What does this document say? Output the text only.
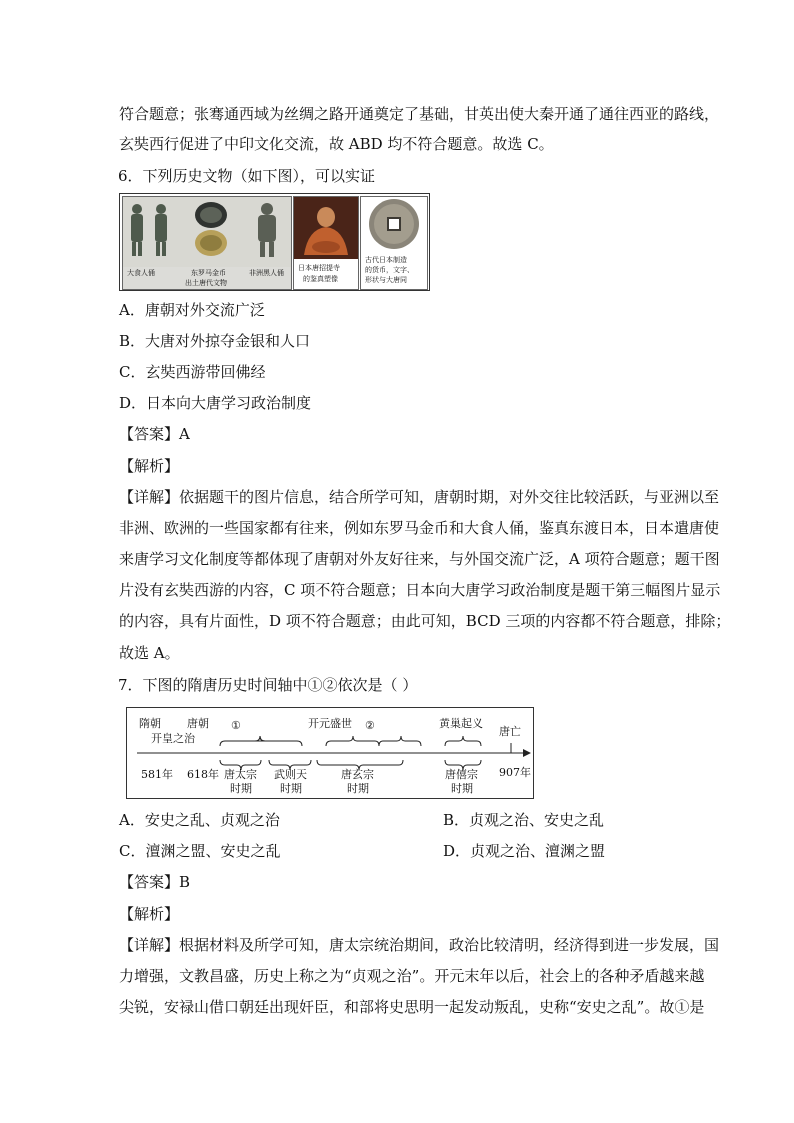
符合题意；张骞通西域为丝绸之路开通奠定了基础，甘英出使大秦开通了通往西亚的路线，
玄奘西行促进了中印文化交流，故 ABD 均不符合题意。故选 C。
6．下列历史文物（如下图），可以实证
大食人俑	东罗马金币	非洲黑人俑
出土唐代文物
日本唐招提寺
的鉴真塑像
古代日本制造
的货币，文字、
形状与大唐同
A．唐朝对外交流广泛
B．大唐对外掠夺金银和人口
C．玄奘西游带回佛经
D．日本向大唐学习政治制度
【答案】A
【解析】
【详解】依据题干的图片信息，结合所学可知，唐朝时期，对外交往比较活跃，与亚洲以至
非洲、欧洲的一些国家都有往来，例如东罗马金币和大食人俑，鉴真东渡日本，日本遣唐使
来唐学习文化制度等都体现了唐朝对外友好往来，与外国交流广泛，A 项符合题意；题干图
片没有玄奘西游的内容，C 项不符合题意；日本向大唐学习政治制度是题干第三幅图片显示
的内容，具有片面性，D 项不符合题意；由此可知，BCD 三项的内容都不符合题意，排除；
故选 A。
7．下图的隋唐历史时间轴中①②依次是（ ）
隋朝
开皇之治
唐朝 ①	开元盛世 ②	黄巢起义
唐亡
581年 618年	907年
唐太宗
时期
武则天
时期
唐玄宗
时期
唐僖宗
时期
A．安史之乱、贞观之治	B．贞观之治、安史之乱
C．澶渊之盟、安史之乱	D．贞观之治、澶渊之盟
【答案】B
【解析】
【详解】根据材料及所学可知，唐太宗统治期间，政治比较清明，经济得到进一步发展，国
力增强，文教昌盛，历史上称之为“贞观之治”。开元末年以后，社会上的各种矛盾越来越
尖锐，安禄山借口朝廷出现奸臣，和部将史思明一起发动叛乱，史称“安史之乱”。故①是
